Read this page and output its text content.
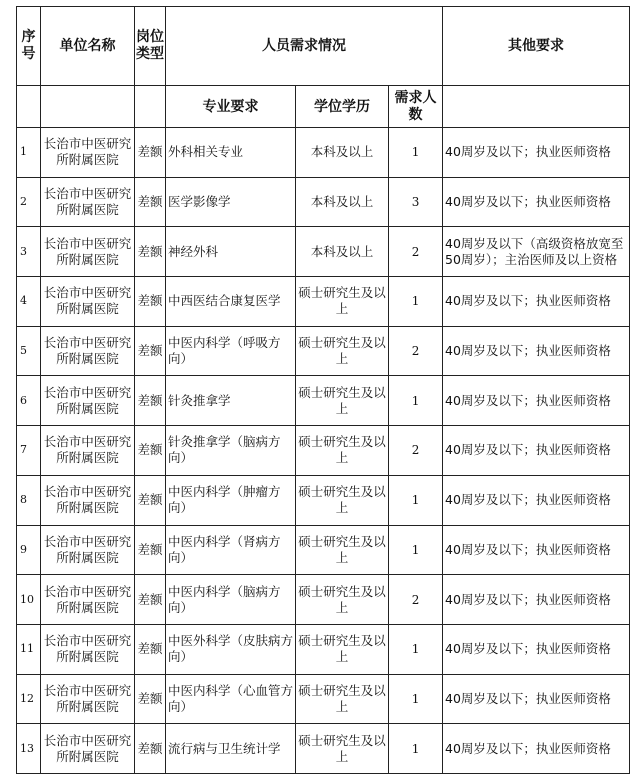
序号	单位名称	岗位类型	人员需求情况			其他要求
			专业要求	学位学历	需求人数	
1	长治市中医研究所附属医院	差额	外科相关专业	本科及以上	1	40周岁及以下；执业医师资格
2	长治市中医研究所附属医院	差额	医学影像学	本科及以上	3	40周岁及以下；执业医师资格
3	长治市中医研究所附属医院	差额	神经外科	本科及以上	2	40周岁及以下（高级资格放宽至50周岁）；主治医师及以上资格
4	长治市中医研究所附属医院	差额	中西医结合康复医学	硕士研究生及以上	1	40周岁及以下；执业医师资格
5	长治市中医研究所附属医院	差额	中医内科学（呼吸方向）	硕士研究生及以上	2	40周岁及以下；执业医师资格
6	长治市中医研究所附属医院	差额	针灸推拿学	硕士研究生及以上	1	40周岁及以下；执业医师资格
7	长治市中医研究所附属医院	差额	针灸推拿学（脑病方向）	硕士研究生及以上	2	40周岁及以下；执业医师资格
8	长治市中医研究所附属医院	差额	中医内科学（肿瘤方向）	硕士研究生及以上	1	40周岁及以下；执业医师资格
9	长治市中医研究所附属医院	差额	中医内科学（肾病方向）	硕士研究生及以上	1	40周岁及以下；执业医师资格
10	长治市中医研究所附属医院	差额	中医内科学（脑病方向）	硕士研究生及以上	2	40周岁及以下；执业医师资格
11	长治市中医研究所附属医院	差额	中医外科学（皮肤病方向）	硕士研究生及以上	1	40周岁及以下；执业医师资格
12	长治市中医研究所附属医院	差额	中医内科学（心血管方向）	硕士研究生及以上	1	40周岁及以下；执业医师资格
13	长治市中医研究所附属医院	差额	流行病与卫生统计学	硕士研究生及以上	1	40周岁及以下；执业医师资格
